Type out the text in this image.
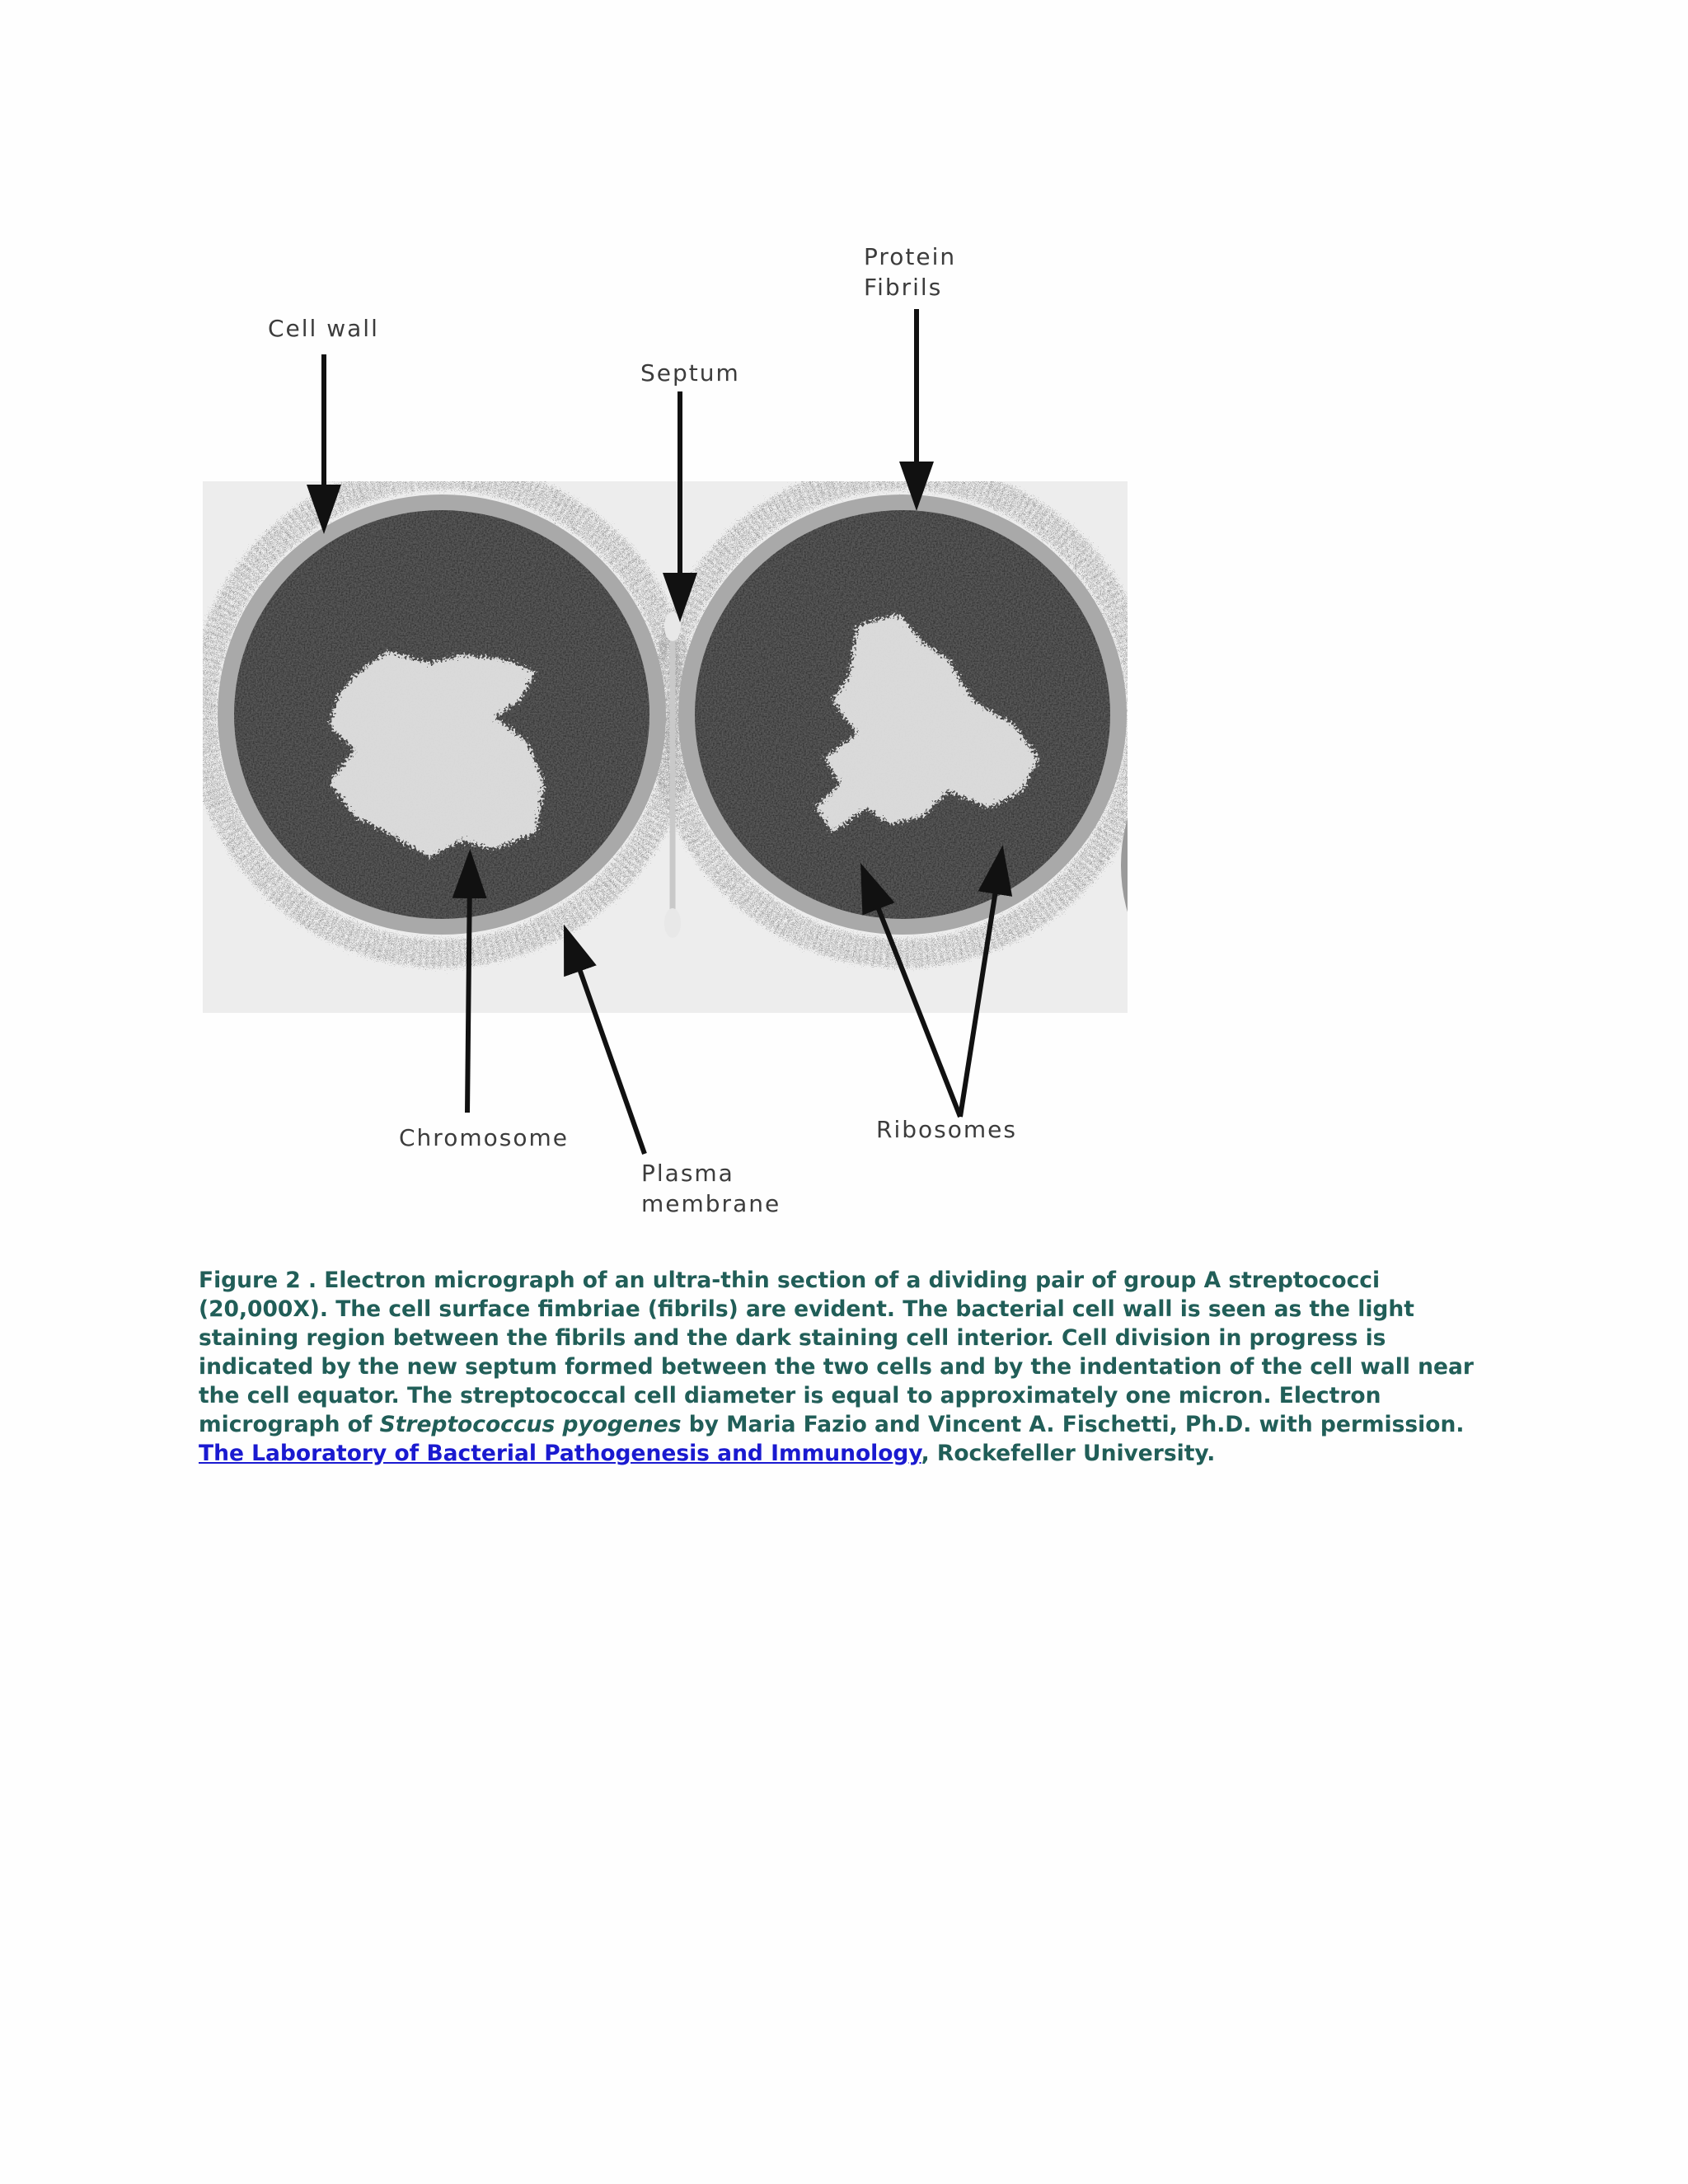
Cell wall
Septum
Protein
Fibrils
Chromosome
Plasma
membrane
Ribosomes
Figure 2 . Electron micrograph of an ultra-thin section of a dividing pair of group A streptococci (20,000X). The cell surface fimbriae (fibrils) are evident. The bacterial cell wall is seen as the light staining region between the fibrils and the dark staining cell interior. Cell division in progress is indicated by the new septum formed between the two cells and by the indentation of the cell wall near the cell equator. The streptococcal cell diameter is equal to approximately one micron. Electron micrograph of Streptococcus pyogenes by Maria Fazio and Vincent A. Fischetti, Ph.D. with permission. The Laboratory of Bacterial Pathogenesis and Immunology, Rockefeller University.
